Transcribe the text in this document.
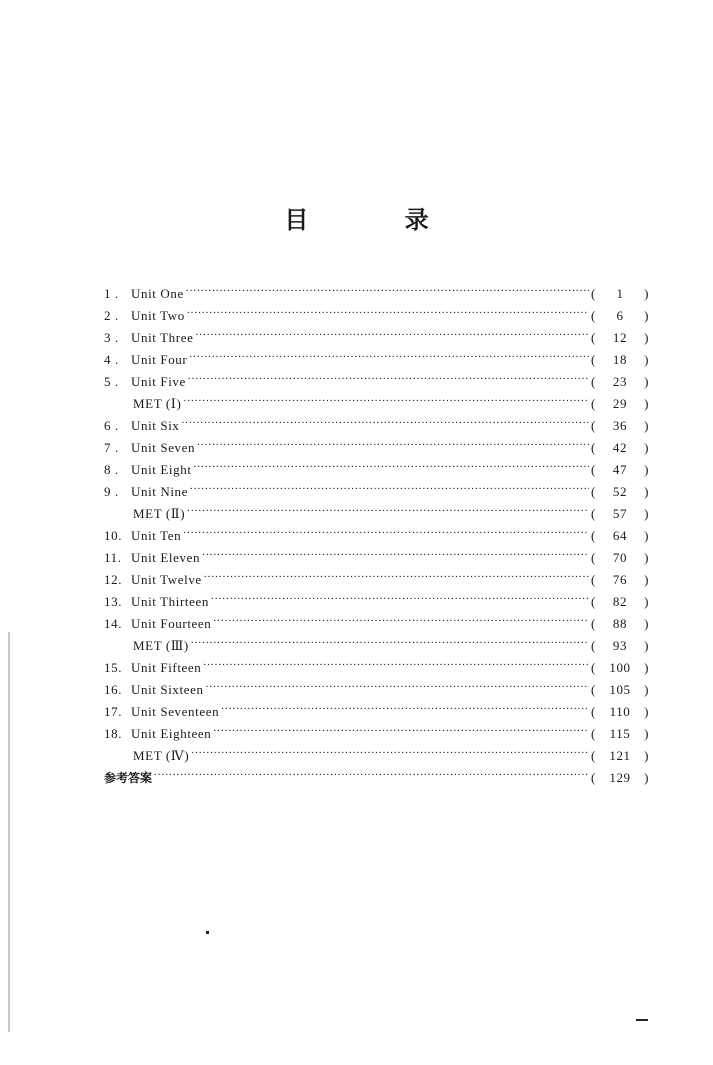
目 录
1 . Unit One .....	(	1	)
2 . Unit Two .....	(	6	)
3 . Unit Three .....	(	12	)
4 . Unit Four .....	(	18	)
5 . Unit Five .....	(	23	)
MET (Ⅰ) .....	(	29	)
6 . Unit Six .....	(	36	)
7 . Unit Seven .....	(	42	)
8 . Unit Eight .....	(	47	)
9 . Unit Nine .....	(	52	)
MET (Ⅱ) .....	(	57	)
10. Unit Ten .....	(	64	)
11. Unit Eleven .....	(	70	)
12. Unit Twelve .....	(	76	)
13. Unit Thirteen .....	(	82	)
14. Unit Fourteen .....	(	88	)
MET (Ⅲ) .....	(	93	)
15. Unit Fifteen .....	(	100	)
16. Unit Sixteen .....	(	105	)
17. Unit Seventeen .....	(	110	)
18. Unit Eighteen .....	(	115	)
MET (Ⅳ) .....	(	121	)
参考答案 .....	(	129	)
